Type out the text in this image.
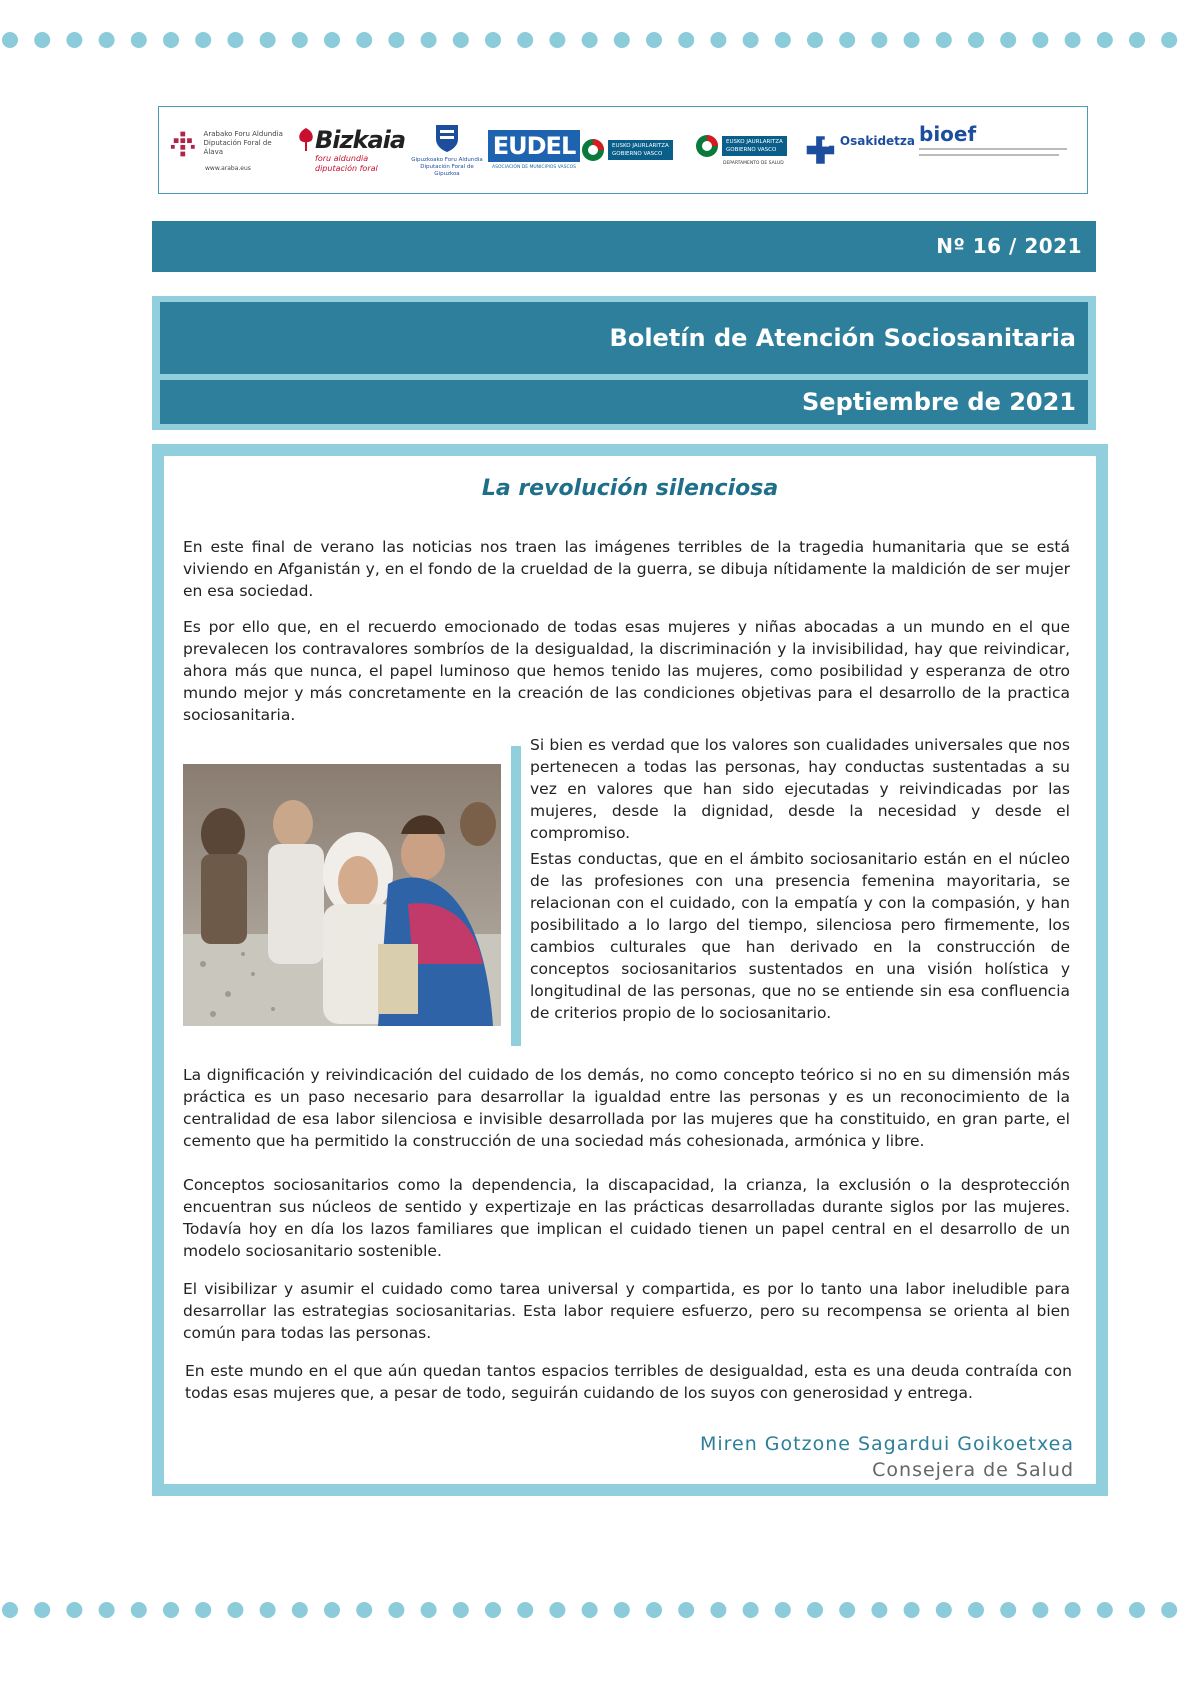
Arabako Foru Aldundia
Diputación Foral de Álava
www.araba.eus
Bizkaia
foru aldundia
diputación foral
Gipuzkoako Foru Aldundia
Diputación Foral de Gipuzkoa
EUDEL
ASOCIACIÓN DE MUNICIPIOS VASCOS
EUSKO JAURLARITZA
GOBIERNO VASCO
EUSKO JAURLARITZA
GOBIERNO VASCO
DEPARTAMENTO DE SALUD
Osakidetza bioef
Nº 16 / 2021
Boletín de Atención Sociosanitaria
Septiembre de 2021
La revolución silenciosa

En este final de verano las noticias nos traen las imágenes terribles de la tragedia humanitaria que se está viviendo en Afganistán y, en el fondo de la crueldad de la guerra, se dibuja nítidamente la maldición de ser mujer en esa sociedad.

Es por ello que, en el recuerdo emocionado de todas esas mujeres y niñas abocadas a un mundo en el que prevalecen los contravalores sombríos de la desigualdad, la discriminación y la invisibilidad, hay que reivindicar, ahora más que nunca, el papel luminoso que hemos tenido las mujeres, como posibilidad y esperanza de otro mundo mejor y más concretamente en la creación de las condiciones objetivas para el desarrollo de la practica sociosanitaria.

Si bien es verdad que los valores son cualidades universales que nos pertenecen a todas las personas, hay conductas sustentadas a su vez en valores que han sido ejecutadas y reivindicadas por las mujeres, desde la dignidad, desde la necesidad y desde el compromiso.

Estas conductas, que en el ámbito sociosanitario están en el núcleo de las profesiones con una presencia femenina mayoritaria, se relacionan con el cuidado, con la empatía y con la compasión, y han posibilitado a lo largo del tiempo, silenciosa pero firmemente, los cambios culturales que han derivado en la construcción de conceptos sociosanitarios sustentados en una visión holística y longitudinal de las personas, que no se entiende sin esa confluencia de criterios propio de lo sociosanitario.

La dignificación y reivindicación del cuidado de los demás, no como concepto teórico si no en su dimensión más práctica es un paso necesario para desarrollar la igualdad entre las personas y es un reconocimiento de la centralidad de esa labor silenciosa e invisible desarrollada por las mujeres que ha constituido, en gran parte, el cemento que ha permitido la construcción de una sociedad más cohesionada, armónica y libre.

Conceptos sociosanitarios como la dependencia, la discapacidad, la crianza, la exclusión o la desprotección encuentran sus núcleos de sentido y expertizaje en las prácticas desarrolladas durante siglos por las mujeres. Todavía hoy en día los lazos familiares que implican el cuidado tienen un papel central en el desarrollo de un modelo sociosanitario sostenible.

El visibilizar y asumir el cuidado como tarea universal y compartida, es por lo tanto una labor ineludible para desarrollar las estrategias sociosanitarias. Esta labor requiere esfuerzo, pero su recompensa se orienta al bien común para todas las personas.

En este mundo en el que aún quedan tantos espacios terribles de desigualdad, esta es una deuda contraída con todas esas mujeres que, a pesar de todo, seguirán cuidando de los suyos con generosidad y entrega.

Miren Gotzone Sagardui Goikoetxea
Consejera de Salud
